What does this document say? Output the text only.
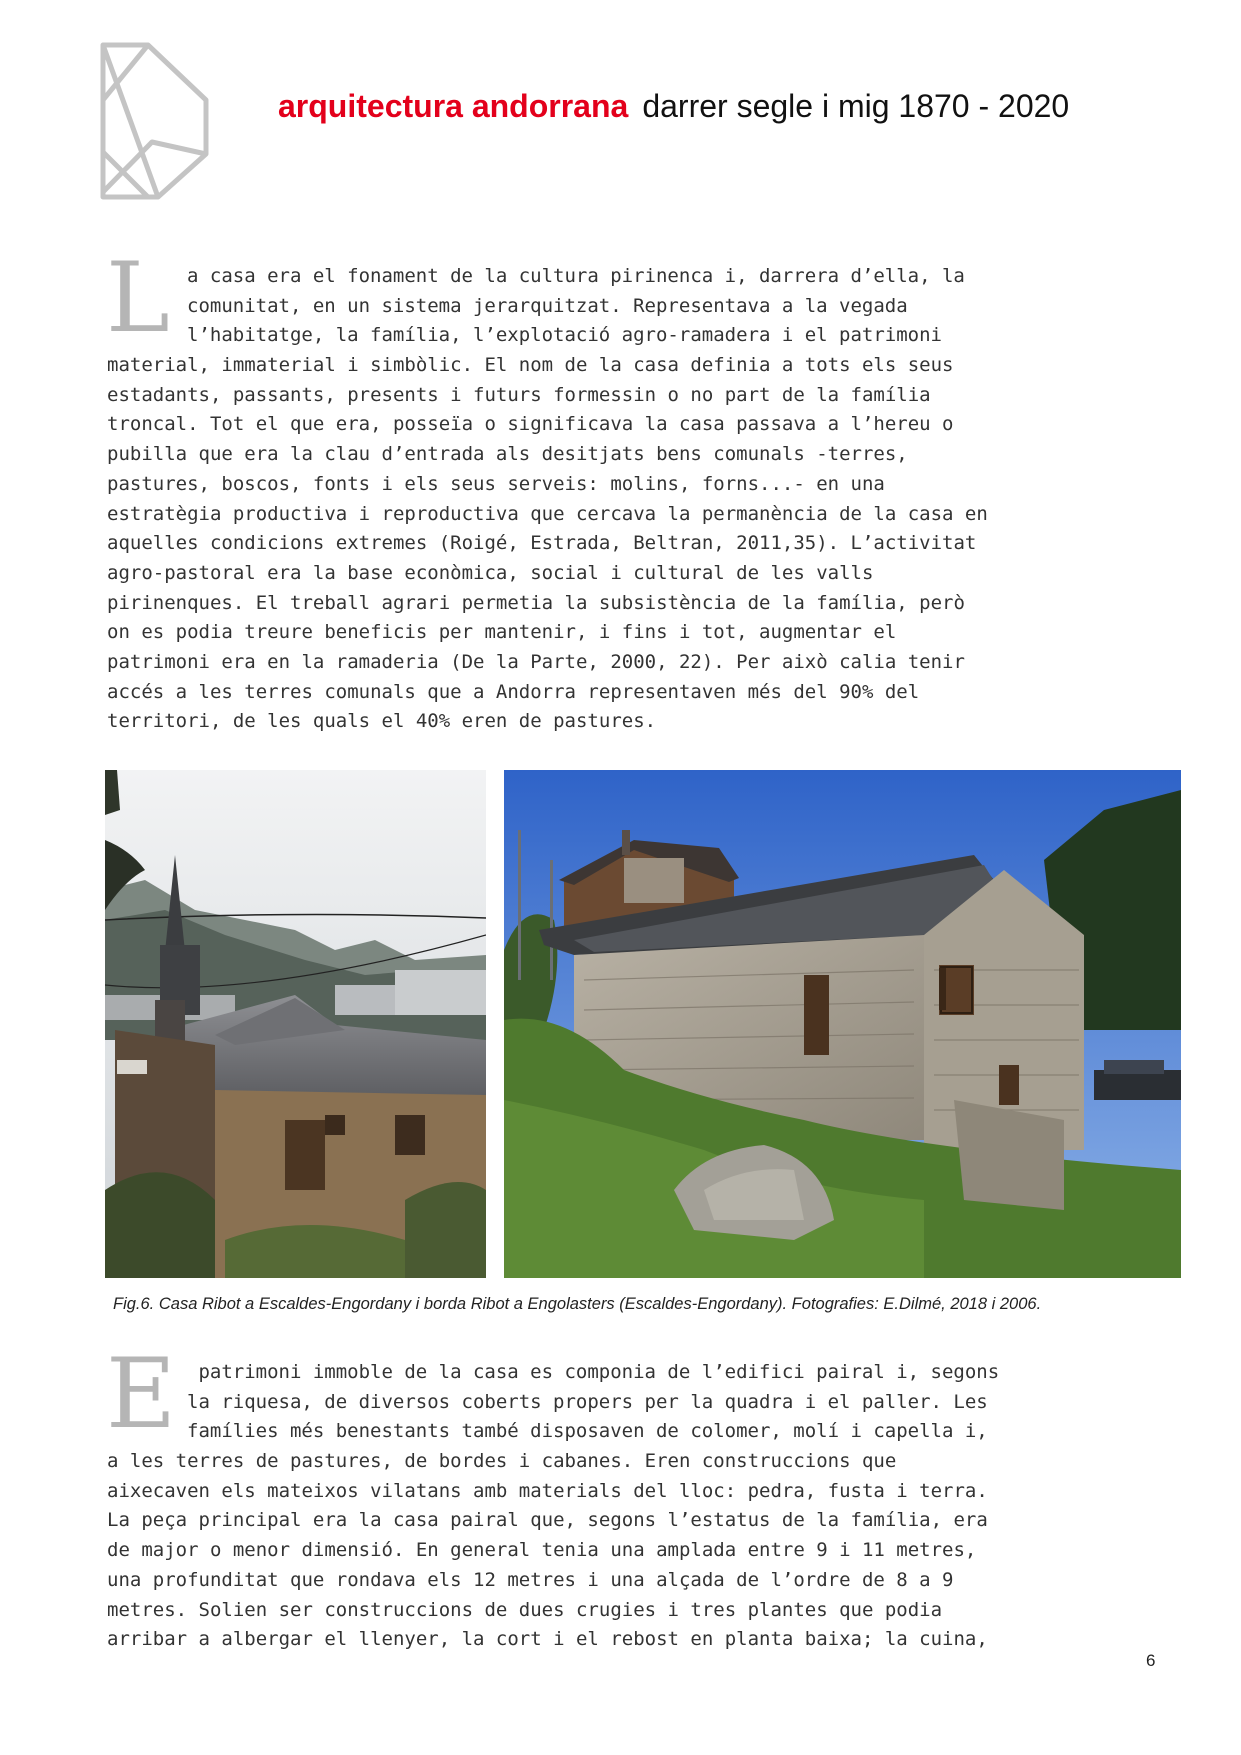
arquitectura andorrana darrer segle i mig 1870 - 2020
L a casa era el fonament de la cultura pirinenca i, darrera d’ella, la
comunitat, en un sistema jerarquitzat. Representava a la vegada
l’habitatge, la família, l’explotació agro-ramadera i el patrimoni
material, immaterial i simbòlic. El nom de la casa definia a tots els seus
estadants, passants, presents i futurs formessin o no part de la família
troncal. Tot el que era, posseïa o significava la casa passava a l’hereu o
pubilla que era la clau d’entrada als desitjats bens comunals -terres,
pastures, boscos, fonts i els seus serveis: molins, forns...- en una
estratègia productiva i reproductiva que cercava la permanència de la casa en
aquelles condicions extremes (Roigé, Estrada, Beltran, 2011,35). L’activitat
agro-pastoral era la base econòmica, social i cultural de les valls
pirinenques. El treball agrari permetia la subsistència de la família, però
on es podia treure beneficis per mantenir, i fins i tot, augmentar el
patrimoni era en la ramaderia (De la Parte, 2000, 22). Per això calia tenir
accés a les terres comunals que a Andorra representaven més del 90% del
territori, de les quals el 40% eren de pastures.
Fig.6. Casa Ribot a Escaldes-Engordany i borda Ribot a Engolasters (Escaldes-Engordany). Fotografies: E.Dilmé, 2018 i 2006.
E patrimoni immoble de la casa es componia de l’edifici pairal i, segons
la riquesa, de diversos coberts propers per la quadra i el paller. Les
famílies més benestants també disposaven de colomer, molí i capella i,
a les terres de pastures, de bordes i cabanes. Eren construccions que
aixecaven els mateixos vilatans amb materials del lloc: pedra, fusta i terra.
La peça principal era la casa pairal que, segons l’estatus de la família, era
de major o menor dimensió. En general tenia una amplada entre 9 i 11 metres,
una profunditat que rondava els 12 metres i una alçada de l’ordre de 8 a 9
metres. Solien ser construccions de dues crugies i tres plantes que podia
arribar a albergar el llenyer, la cort i el rebost en planta baixa; la cuina,
6
